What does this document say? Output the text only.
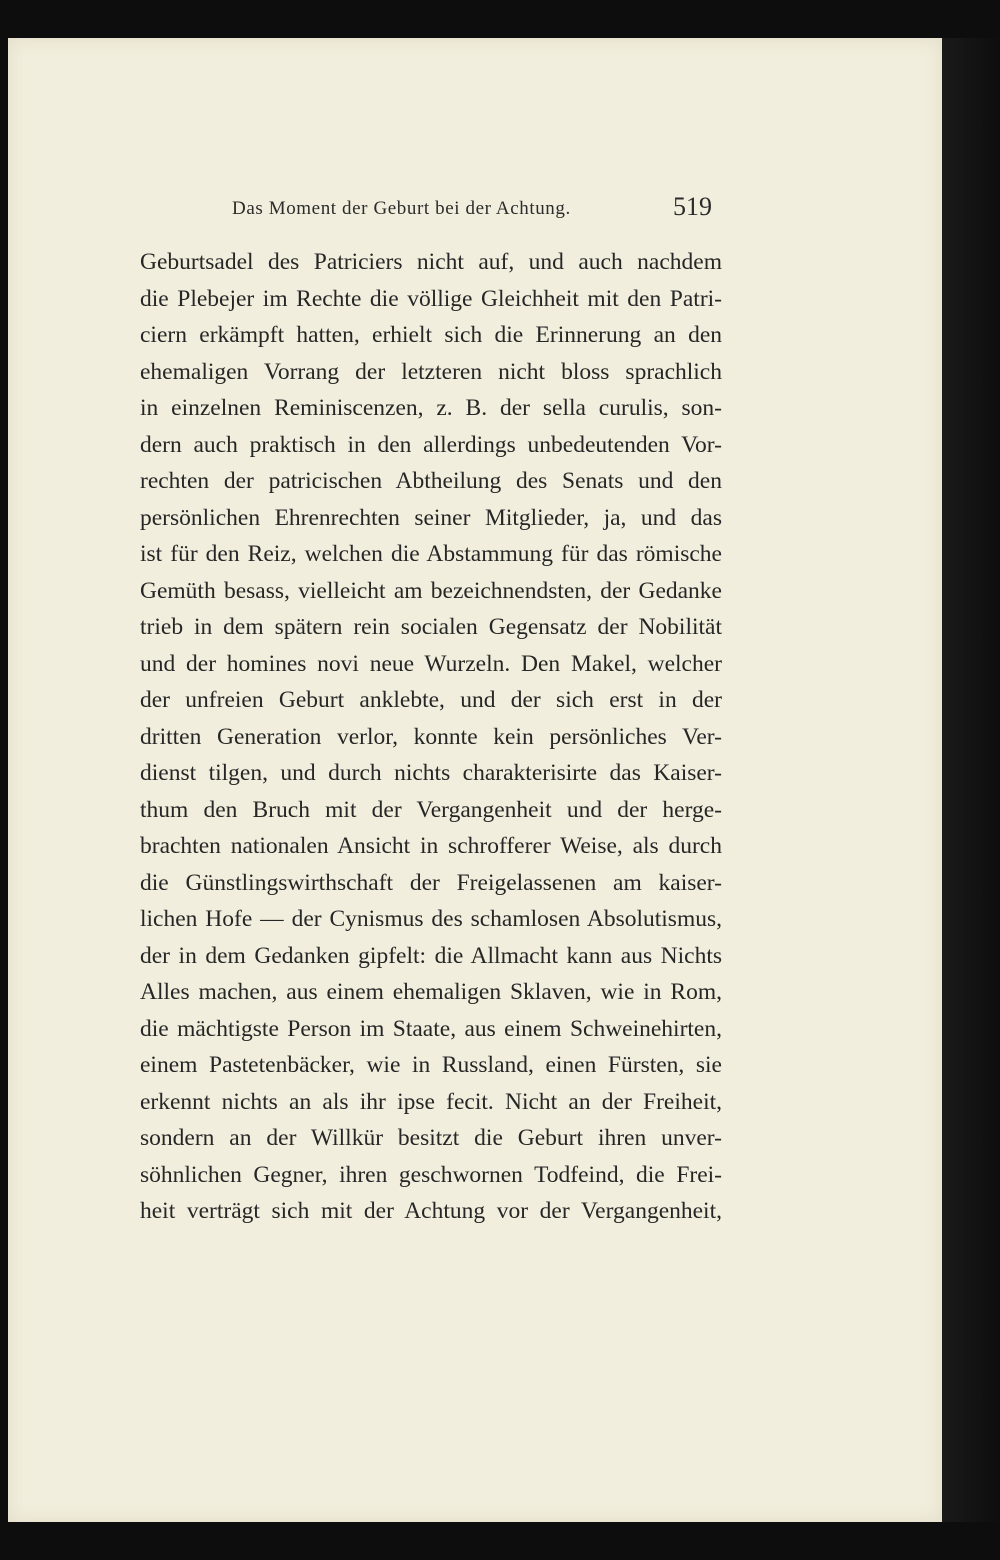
Das Moment der Geburt bei der Achtung.	519
Geburtsadel des Patriciers nicht auf, und auch nachdem
die Plebejer im Rechte die völlige Gleichheit mit den Patri-
ciern erkämpft hatten, erhielt sich die Erinnerung an den
ehemaligen Vorrang der letzteren nicht bloss sprachlich
in einzelnen Reminiscenzen, z. B. der sella curulis, son-
dern auch praktisch in den allerdings unbedeutenden Vor-
rechten der patricischen Abtheilung des Senats und den
persönlichen Ehrenrechten seiner Mitglieder, ja, und das
ist für den Reiz, welchen die Abstammung für das römische
Gemüth besass, vielleicht am bezeichnendsten, der Gedanke
trieb in dem spätern rein socialen Gegensatz der Nobilität
und der homines novi neue Wurzeln. Den Makel, welcher
der unfreien Geburt anklebte, und der sich erst in der
dritten Generation verlor, konnte kein persönliches Ver-
dienst tilgen, und durch nichts charakterisirte das Kaiser-
thum den Bruch mit der Vergangenheit und der herge-
brachten nationalen Ansicht in schrofferer Weise, als durch
die Günstlingswirthschaft der Freigelassenen am kaiser-
lichen Hofe — der Cynismus des schamlosen Absolutismus,
der in dem Gedanken gipfelt: die Allmacht kann aus Nichts
Alles machen, aus einem ehemaligen Sklaven, wie in Rom,
die mächtigste Person im Staate, aus einem Schweinehirten,
einem Pastetenbäcker, wie in Russland, einen Fürsten, sie
erkennt nichts an als ihr ipse fecit. Nicht an der Freiheit,
sondern an der Willkür besitzt die Geburt ihren unver-
söhnlichen Gegner, ihren geschwornen Todfeind, die Frei-
heit verträgt sich mit der Achtung vor der Vergangenheit,
